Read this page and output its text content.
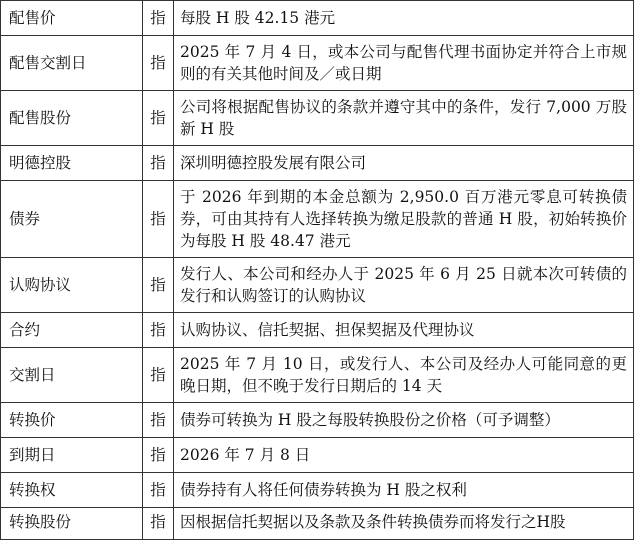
配售价	指	每股 H 股 42.15 港元
配售交割日	指	2025 年 7 月 4 日，或本公司与配售代理书面协定并符合上市规则的有关其他时间及／或日期
配售股份	指	公司将根据配售协议的条款并遵守其中的条件，发行 7,000 万股新 H 股
明德控股	指	深圳明德控股发展有限公司
债券	指	于 2026 年到期的本金总额为 2,950.0 百万港元零息可转换债券，可由其持有人选择转换为缴足股款的普通 H 股，初始转换价为每股 H 股 48.47 港元
认购协议	指	发行人、本公司和经办人于 2025 年 6 月 25 日就本次可转债的发行和认购签订的认购协议
合约	指	认购协议、信托契据、担保契据及代理协议
交割日	指	2025 年 7 月 10 日，或发行人、本公司及经办人可能同意的更晚日期，但不晚于发行日期后的 14 天
转换价	指	债券可转换为 H 股之每股转换股份之价格（可予调整）
到期日	指	2026 年 7 月 8 日
转换权	指	债券持有人将任何债券转换为 H 股之权利
转换股份	指	因根据信托契据以及条款及条件转换债券而将发行之H股
